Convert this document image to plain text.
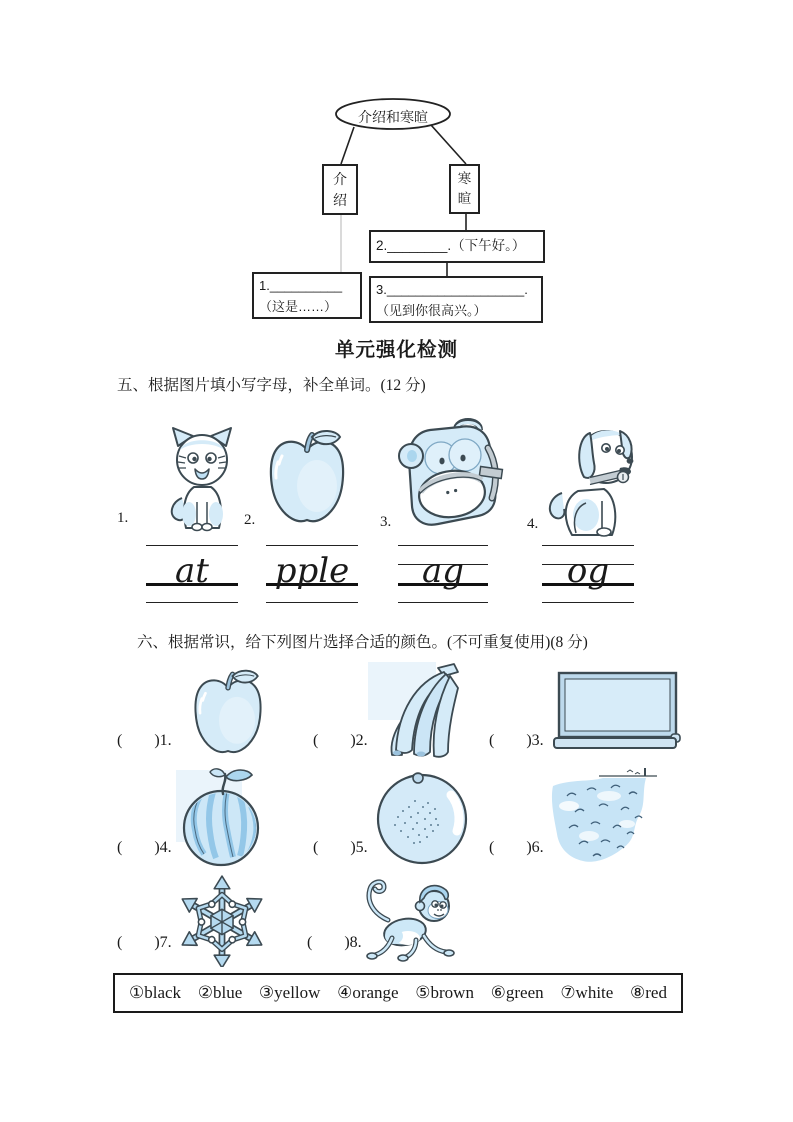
介绍和寒暄
介绍
寒暄
2.________.（下午好。）
1.__________
（这是……）
3.___________________.
（见到你很高兴。）
单元强化检测
五、根据图片填小写字母，补全单词。(12 分)
1.	2.	3.	4.
at	pple	ag	og
六、根据常识，给下列图片选择合适的颜色。(不可重复使用)(8 分)
(        )1.	(        )2.	(        )3.
(        )4.	(        )5.	(        )6.
(        )7.	(        )8.
①black ②blue ③yellow ④orange ⑤brown ⑥green ⑦white ⑧red
